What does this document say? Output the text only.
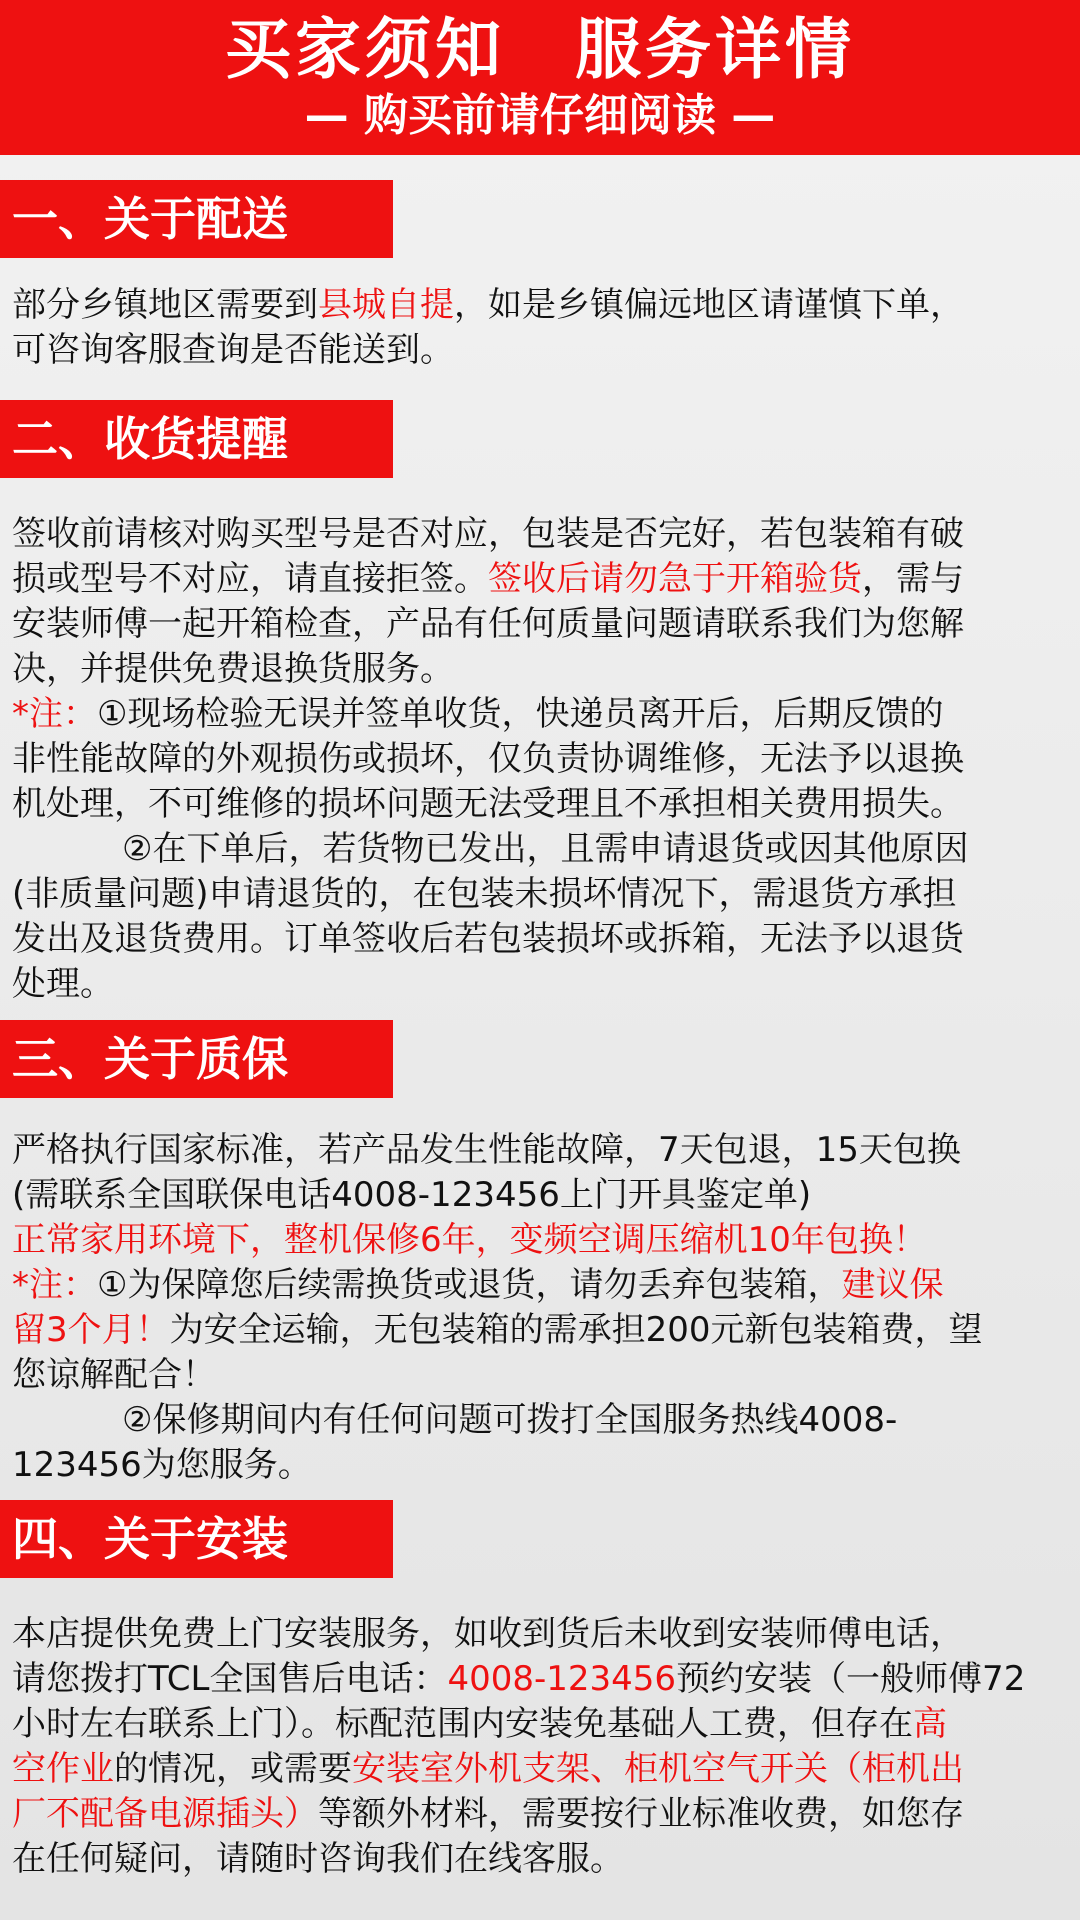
买家须知　服务详情
— 购买前请仔细阅读 —
一、关于配送
部分乡镇地区需要到县城自提，如是乡镇偏远地区请谨慎下单，
可咨询客服查询是否能送到。
二、收货提醒
签收前请核对购买型号是否对应，包装是否完好，若包装箱有破
损或型号不对应，请直接拒签。签收后请勿急于开箱验货，需与
安装师傅一起开箱检查，产品有任何质量问题请联系我们为您解
决，并提供免费退换货服务。
*注：①现场检验无误并签单收货，快递员离开后，后期反馈的
非性能故障的外观损伤或损坏，仅负责协调维修，无法予以退换
机处理，不可维修的损坏问题无法受理且不承担相关费用损失。
②在下单后，若货物已发出，且需申请退货或因其他原因
(非质量问题)申请退货的，在包装未损坏情况下，需退货方承担
发出及退货费用。订单签收后若包装损坏或拆箱，无法予以退货
处理。
三、关于质保
严格执行国家标准，若产品发生性能故障，7天包退，15天包换
(需联系全国联保电话4008-123456上门开具鉴定单)
正常家用环境下，整机保修6年，变频空调压缩机10年包换！
*注：①为保障您后续需换货或退货，请勿丢弃包装箱，建议保
留3个月！为安全运输，无包装箱的需承担200元新包装箱费，望
您谅解配合！
②保修期间内有任何问题可拨打全国服务热线4008-
123456为您服务。
四、关于安装
本店提供免费上门安装服务，如收到货后未收到安装师傅电话，
请您拨打TCL全国售后电话：4008-123456预约安装（一般师傅72
小时左右联系上门）。标配范围内安装免基础人工费，但存在高
空作业的情况，或需要安装室外机支架、柜机空气开关（柜机出
厂不配备电源插头）等额外材料，需要按行业标准收费，如您存
在任何疑问，请随时咨询我们在线客服。
